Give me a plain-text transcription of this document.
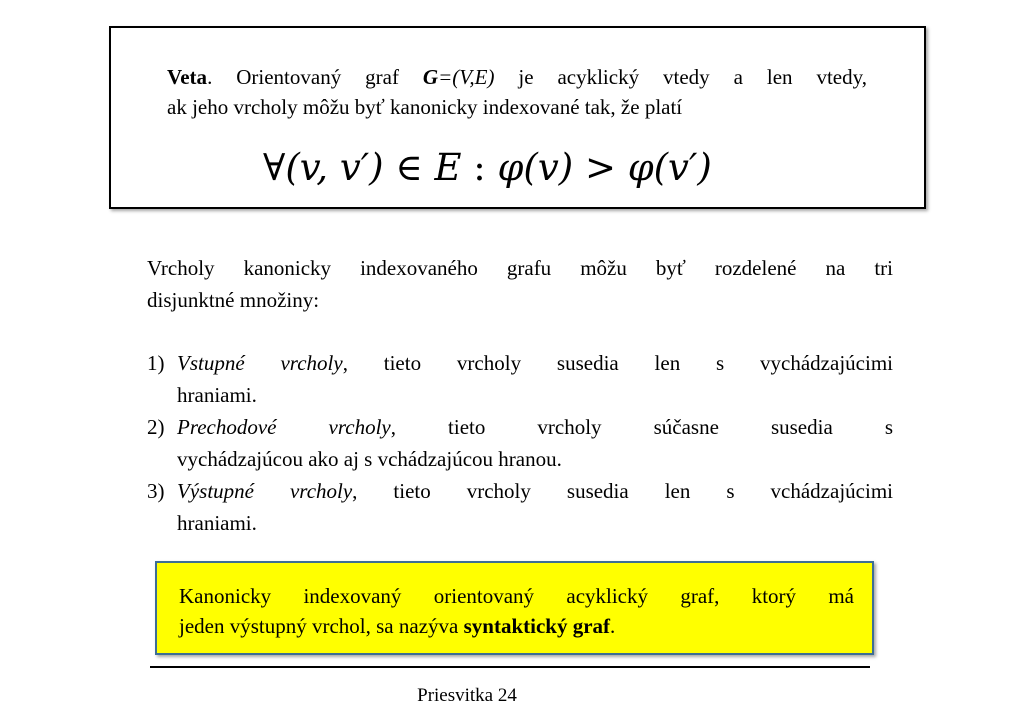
Veta. Orientovaný graf G=(V,E) je acyklický vtedy a len vtedy,
ak jeho vrcholy môžu byť kanonicky indexované tak, že platí
∀(v, v′) ∈ E : φ(v) > φ(v′)
Vrcholy kanonicky indexovaného grafu môžu byť rozdelené na tri
disjunktné množiny:
1) Vstupné vrcholy, tieto vrcholy susedia len s vychádzajúcimi
hraniami.
2) Prechodové vrcholy, tieto vrcholy súčasne susedia s
vychádzajúcou ako aj s vchádzajúcou hranou.
3) Výstupné vrcholy, tieto vrcholy susedia len s vchádzajúcimi
hraniami.
Kanonicky indexovaný orientovaný acyklický graf, ktorý má
jeden výstupný vrchol, sa nazýva syntaktický graf.
Priesvitka 24
